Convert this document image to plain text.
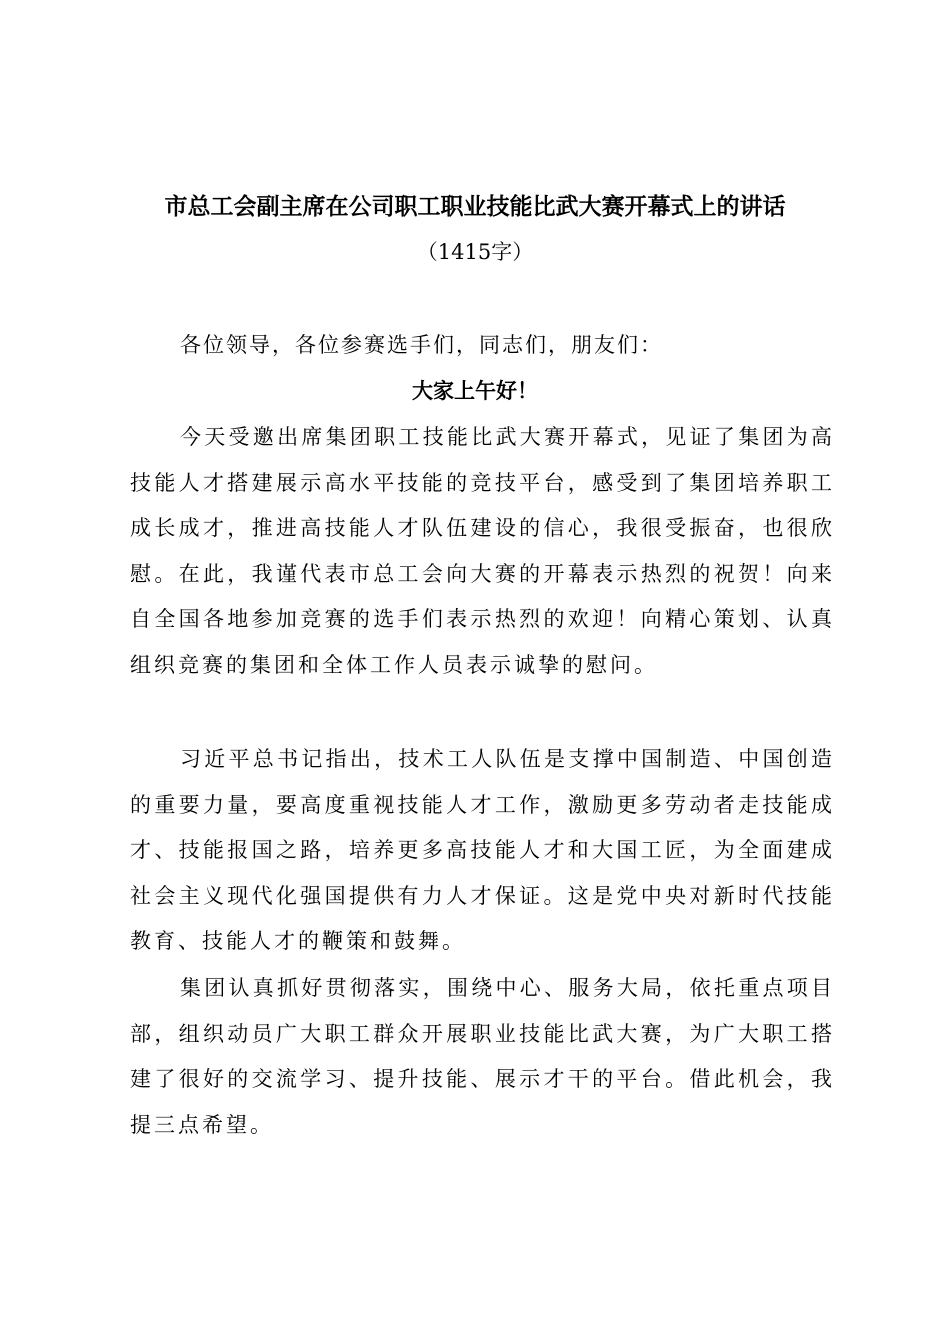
市总工会副主席在公司职工职业技能比武大赛开幕式上的讲话
（1415字）
各位领导，各位参赛选手们，同志们，朋友们：
大家上午好！

今天受邀出席集团职工技能比武大赛开幕式，见证了集团为高技能人才搭建展示高水平技能的竞技平台，感受到了集团培养职工成长成才，推进高技能人才队伍建设的信心，我很受振奋，也很欣慰。在此，我谨代表市总工会向大赛的开幕表示热烈的祝贺！向来自全国各地参加竞赛的选手们表示热烈的欢迎！向精心策划、认真组织竞赛的集团和全体工作人员表示诚挚的慰问。

习近平总书记指出，技术工人队伍是支撑中国制造、中国创造的重要力量，要高度重视技能人才工作，激励更多劳动者走技能成才、技能报国之路，培养更多高技能人才和大国工匠，为全面建成社会主义现代化强国提供有力人才保证。这是党中央对新时代技能教育、技能人才的鞭策和鼓舞。

集团认真抓好贯彻落实，围绕中心、服务大局，依托重点项目部，组织动员广大职工群众开展职业技能比武大赛，为广大职工搭建了很好的交流学习、提升技能、展示才干的平台。借此机会，我提三点希望。
